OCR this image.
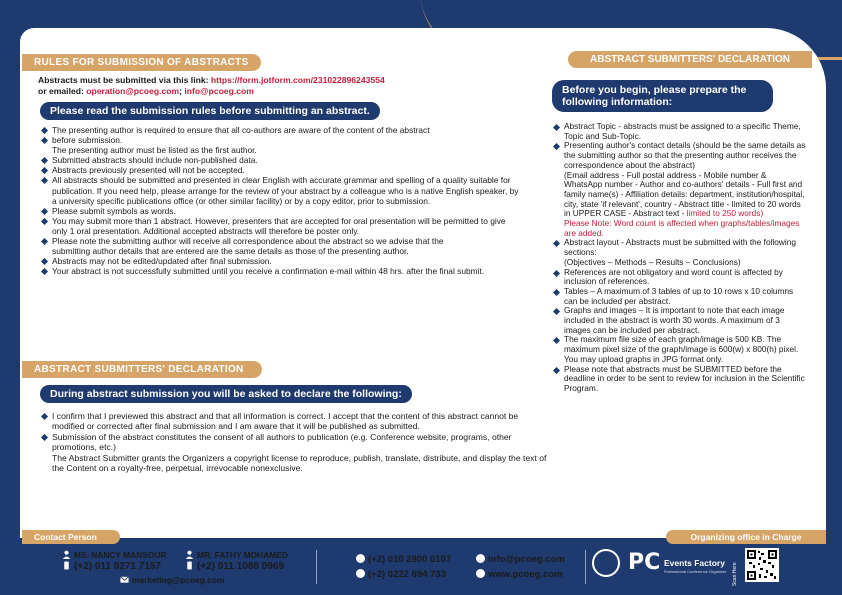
RULES FOR SUBMISSION OF ABSTRACTS
Abstracts must be submitted via this link: https://form.jotform.com/231022896243554
or emailed: operation@pcoeg.com; info@pcoeg.com
Please read the submission rules before submitting an abstract.
The presenting author is required to ensure that all co-authors are aware of the content of the abstract
before submission.
The presenting author must be listed as the first author.
Submitted abstracts should include non-published data.
Abstracts previously presented will not be accepted.
All abstracts should be submitted and presented in clear English with accurate grammar and spelling of a quality suitable for publication. If you need help, please arrange for the review of your abstract by a colleague who is a native English speaker, by a university specific publications office (or other similar facility) or by a copy editor, prior to submission.
Please submit symbols as words.
You may submit more than 1 abstract. However, presenters that are accepted for oral presentation will be permitted to give only 1 oral presentation. Additional accepted abstracts will therefore be poster only.
Please note the submitting author will receive all correspondence about the abstract so we advise that the
submitting author details that are entered are the same details as those of the presenting author.
Abstracts may not be edited/updated after final submission.
Your abstract is not successfully submitted until you receive a confirmation e-mail within 48 hrs. after the final submit.
ABSTRACT SUBMITTERS' DECLARATION
During abstract submission you will be asked to declare the following:
I confirm that I previewed this abstract and that all information is correct. I accept that the content of this abstract cannot be modified or corrected after final submission and I am aware that it will be published as submitted.
Submission of the abstract constitutes the consent of all authors to publication (e.g. Conference website, programs, other promotions, etc.)
The Abstract Submitter grants the Organizers a copyright license to reproduce, publish, translate, distribute, and display the text of the Content on a royalty-free, perpetual, irrevocable nonexclusive.
ABSTRACT SUBMITTERS' DECLARATION
Before you begin, please prepare the following information:
Abstract Topic - abstracts must be assigned to a specific Theme, Topic and Sub-Topic.
Presenting author's contact details (should be the same details as the submitting author so that the presenting author receives the correspondence about the abstract)
(Email address - Full postal address - Mobile number & WhatsApp number - Author and co-authors' details - Full first and family name(s) - Affiliation details: department, institution/hospital, city, state 'if relevant', country - Abstract title - limited to 20 words in UPPER CASE - Abstract text - limited to 250 words)
Please Note: Word count is affected when graphs/tables/images are added.
Abstract layout - Abstracts must be submitted with the following sections:
(Objectives – Methods – Results – Conclusions)
References are not obligatory and word count is affected by inclusion of references.
Tables – A maximum of 3 tables of up to 10 rows x 10 columns can be included per abstract.
Graphs and images – It is important to note that each image included in the abstract is worth 30 words. A maximum of 3 images can be included per abstract.
The maximum file size of each graph/image is 500 KB. The maximum pixel size of the graph/image is 600(w) x 800(h) pixel. You may upload graphs in JPG format only.
Please note that abstracts must be SUBMITTED before the deadline in order to be sent to review for inclusion in the Scientific Program.
Contact Person	Organizing office in Charge
MS. NANCY MANSOUR
(+2) 011 0271 7157
MR. FATHY MOHAMED
(+2) 011 1088 0969
marketing@pcoeg.com
(+2) 010 2800 0107
(+2) 0222 694 733
info@pcoeg.com
www.pcoeg.com	PC Events Factory
Professional Conference Organizer Scan Here
